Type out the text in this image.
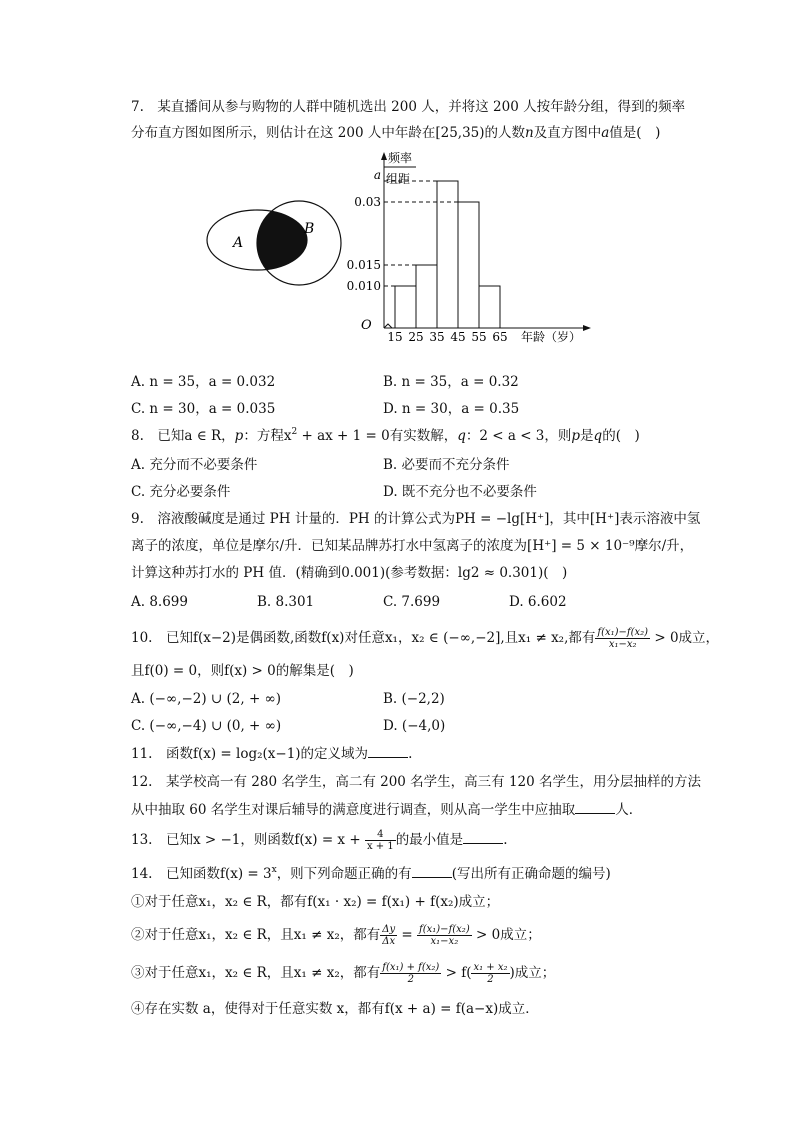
7.　某直播间从参与购物的人群中随机选出 200 人，并将这 200 人按年龄分组，得到的频率
分布直方图如图所示，则估计在这 200 人中年龄在[25,35)的人数n及直方图中a值是(　)
A
B
频率
组距
O
年龄（岁）
15 25 35 45 55 65
a
0.03
0.015
0.010
A. n = 35，a = 0.032	B. n = 35，a = 0.32
C. n = 30，a = 0.035	D. n = 30，a = 0.35
8.　已知a ∈ R，p：方程$x^2$ + ax + 1 = 0有实数解，q：2 < a < 3，则p是q的(　)
A. 充分而不必要条件	B. 必要而不充分条件
C. 充分必要条件	D. 既不充分也不必要条件
9.　溶液酸碱度是通过 PH 计量的．PH 的计算公式为PH = −lg[H⁺]，其中[H⁺]表示溶液中氢
离子的浓度，单位是摩尔/升．已知某品牌苏打水中氢离子的浓度为[H⁺] = 5 × 10⁻⁹摩尔/升，
计算这种苏打水的 PH 值．(精确到0.001)(参考数据：lg2 ≈ 0.301)(　)
A. 8.699	B. 8.301	C. 7.699	D. 6.602
10.　已知f(x−2)是偶函数,函数f(x)对任意x₁，x₂ ∈ (−∞,−2],且x₁ ≠ x₂,都有 $\frac{\text{f(x₁)−f(x₂)}}{\text{x₁−x₂}} > 0$成立，
且f(0) = 0，则f(x) > 0的解集是(　)
A. (−∞,−2) ∪ (2, + ∞)	B. (−2,2)
C. (−∞,−4) ∪ (0, + ∞)	D. (−4,0)
11.　函数f(x) = log₂(x−1)的定义域为	.
12.　某学校高一有 280 名学生，高二有 200 名学生，高三有 120 名学生，用分层抽样的方法
从中抽取 60 名学生对课后辅导的满意度进行调查，则从高一学生中应抽取	人．
13.　已知x > −1，则函数$f(x) = x + \frac{4}{x + 1}$ 的最小值是	.
14.　已知函数$f(x) = 3^x$，则下列命题正确的有	(写出所有正确命题的编号)
①对于任意x₁，x₂ ∈ R，都有f(x₁ · x₂) = f(x₁) + f(x₂)成立；
②对于任意x₁，x₂ ∈ R，且x₁ ≠ x₂，都有 $\frac{\Delta y}{\Delta x} = \frac{\text{f(x₁)−f(x₂)}}{\text{x₁−x₂}} > 0$成立；
③对于任意x₁，x₂ ∈ R，且x₁ ≠ x₂，都有 $\frac{\text{f(x₁) + f(x₂)}}{2} > f( \frac{\text{x₁ + x₂}}{2}$ )成立；
④存在实数 a，使得对于任意实数 x，都有f(x + a) = f(a−x)成立．
